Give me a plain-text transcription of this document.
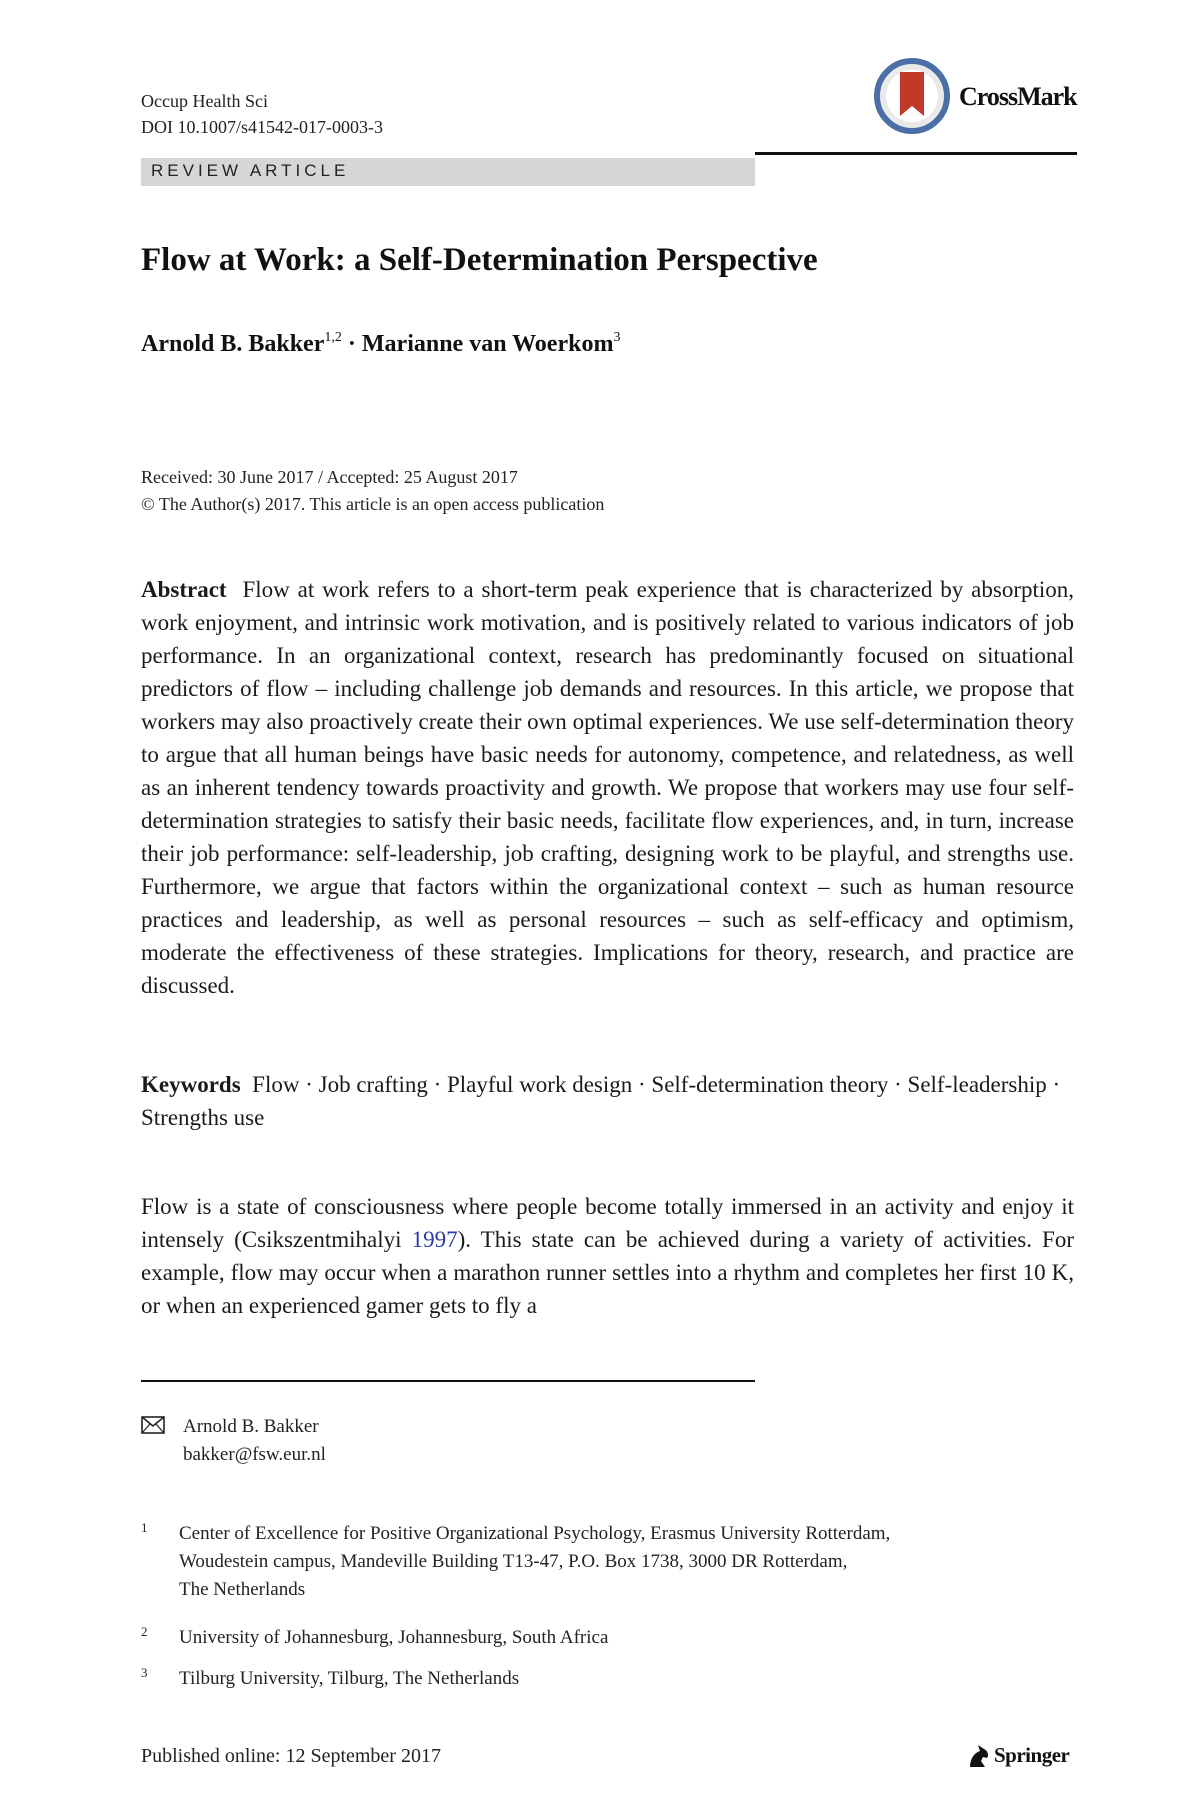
Occup Health Sci
DOI 10.1007/s41542-017-0003-3
CrossMark
REVIEW ARTICLE
Flow at Work: a Self-Determination Perspective
Arnold B. Bakker$^{1,2}$ · Marianne van Woerkom$^3$
Received: 30 June 2017 / Accepted: 25 August 2017
© The Author(s) 2017. This article is an open access publication
Abstract Flow at work refers to a short-term peak experience that is characterized by absorption, work enjoyment, and intrinsic work motivation, and is positively related to various indicators of job performance. In an organizational context, research has predominantly focused on situational predictors of flow – including challenge job demands and resources. In this article, we propose that workers may also proactively create their own optimal experiences. We use self-determination theory to argue that all human beings have basic needs for autonomy, competence, and relatedness, as well as an inherent tendency towards proactivity and growth. We propose that workers may use four self-determination strategies to satisfy their basic needs, facilitate flow experiences, and, in turn, increase their job performance: self-leadership, job crafting, designing work to be playful, and strengths use. Furthermore, we argue that factors within the organizational context – such as human resource practices and leadership, as well as personal resources – such as self-efficacy and optimism, moderate the effectiveness of these strategies. Implications for theory, research, and practice are discussed.
Keywords Flow · Job crafting · Playful work design · Self-determination theory · Self-leadership · Strengths use
Flow is a state of consciousness where people become totally immersed in an activity and enjoy it intensely (Csikszentmihalyi 1997). This state can be achieved during a variety of activities. For example, flow may occur when a marathon runner settles into a rhythm and completes her first 10 K, or when an experienced gamer gets to fly a
Arnold B. Bakker
bakker@fsw.eur.nl
1 Center of Excellence for Positive Organizational Psychology, Erasmus University Rotterdam,
Woudestein campus, Mandeville Building T13-47, P.O. Box 1738, 3000 DR Rotterdam,
The Netherlands
2 University of Johannesburg, Johannesburg, South Africa
3 Tilburg University, Tilburg, The Netherlands
Published online: 12 September 2017	Springer
